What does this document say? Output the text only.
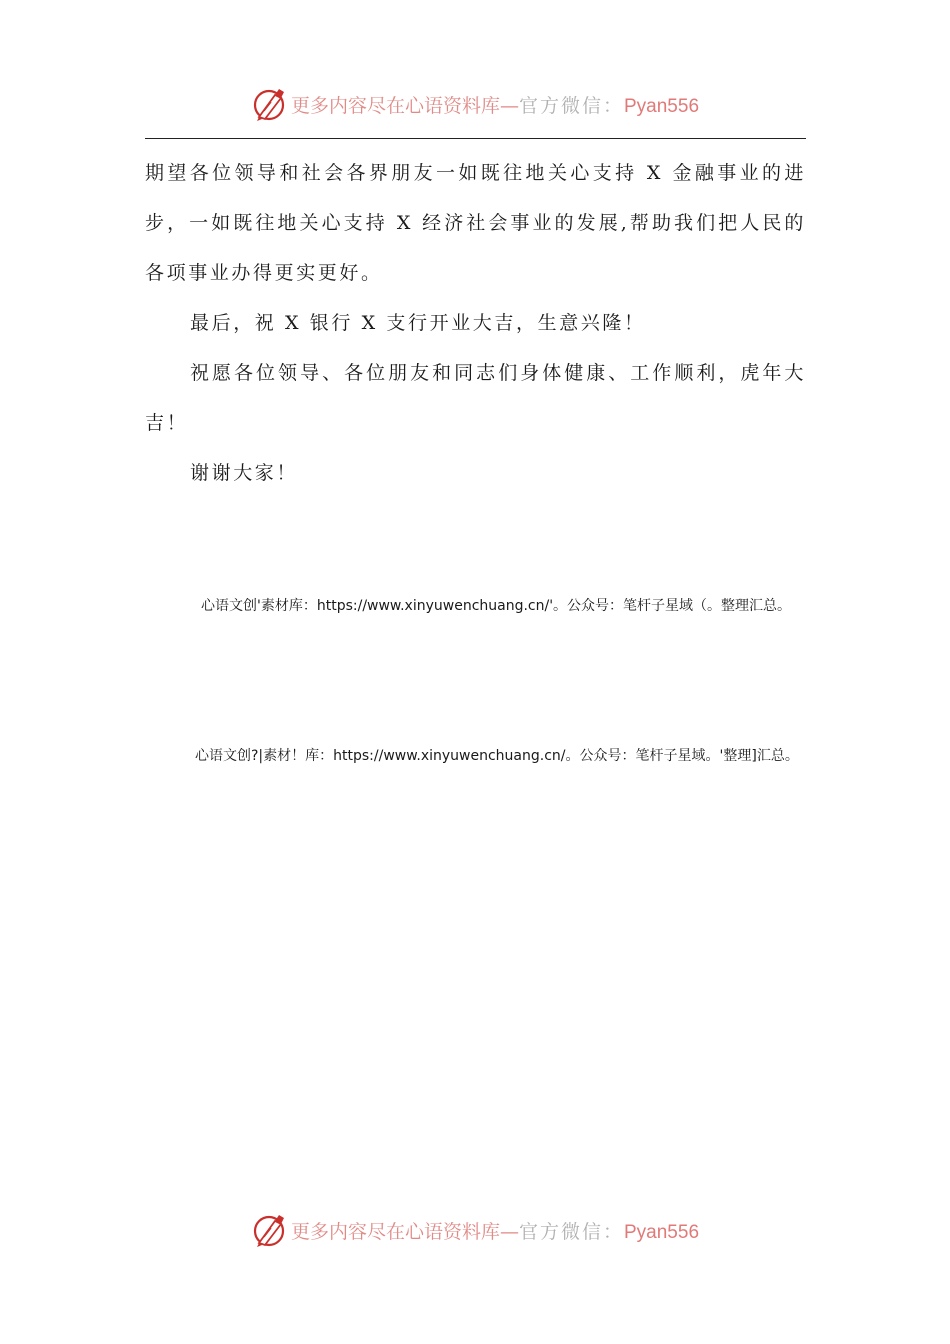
更多内容尽在心语资料库—官方微信：Pyan556

期望各位领导和社会各界朋友一如既往地关心支持 X 金融事业的进步，一如既往地关心支持 X 经济社会事业的发展,帮助我们把人民的各项事业办得更实更好。

最后，祝 X 银行 X 支行开业大吉，生意兴隆！

祝愿各位领导、各位朋友和同志们身体健康、工作顺利，虎年大吉！

谢谢大家！

心语文创'素材库：https://www.xinyuwenchuang.cn/'。公众号：笔杆子星域（。整理汇总。
心语文创?|素材！库：https://www.xinyuwenchuang.cn/。公众号：笔杆子星域。'整理]汇总。
更多内容尽在心语资料库—官方微信：Pyan556
